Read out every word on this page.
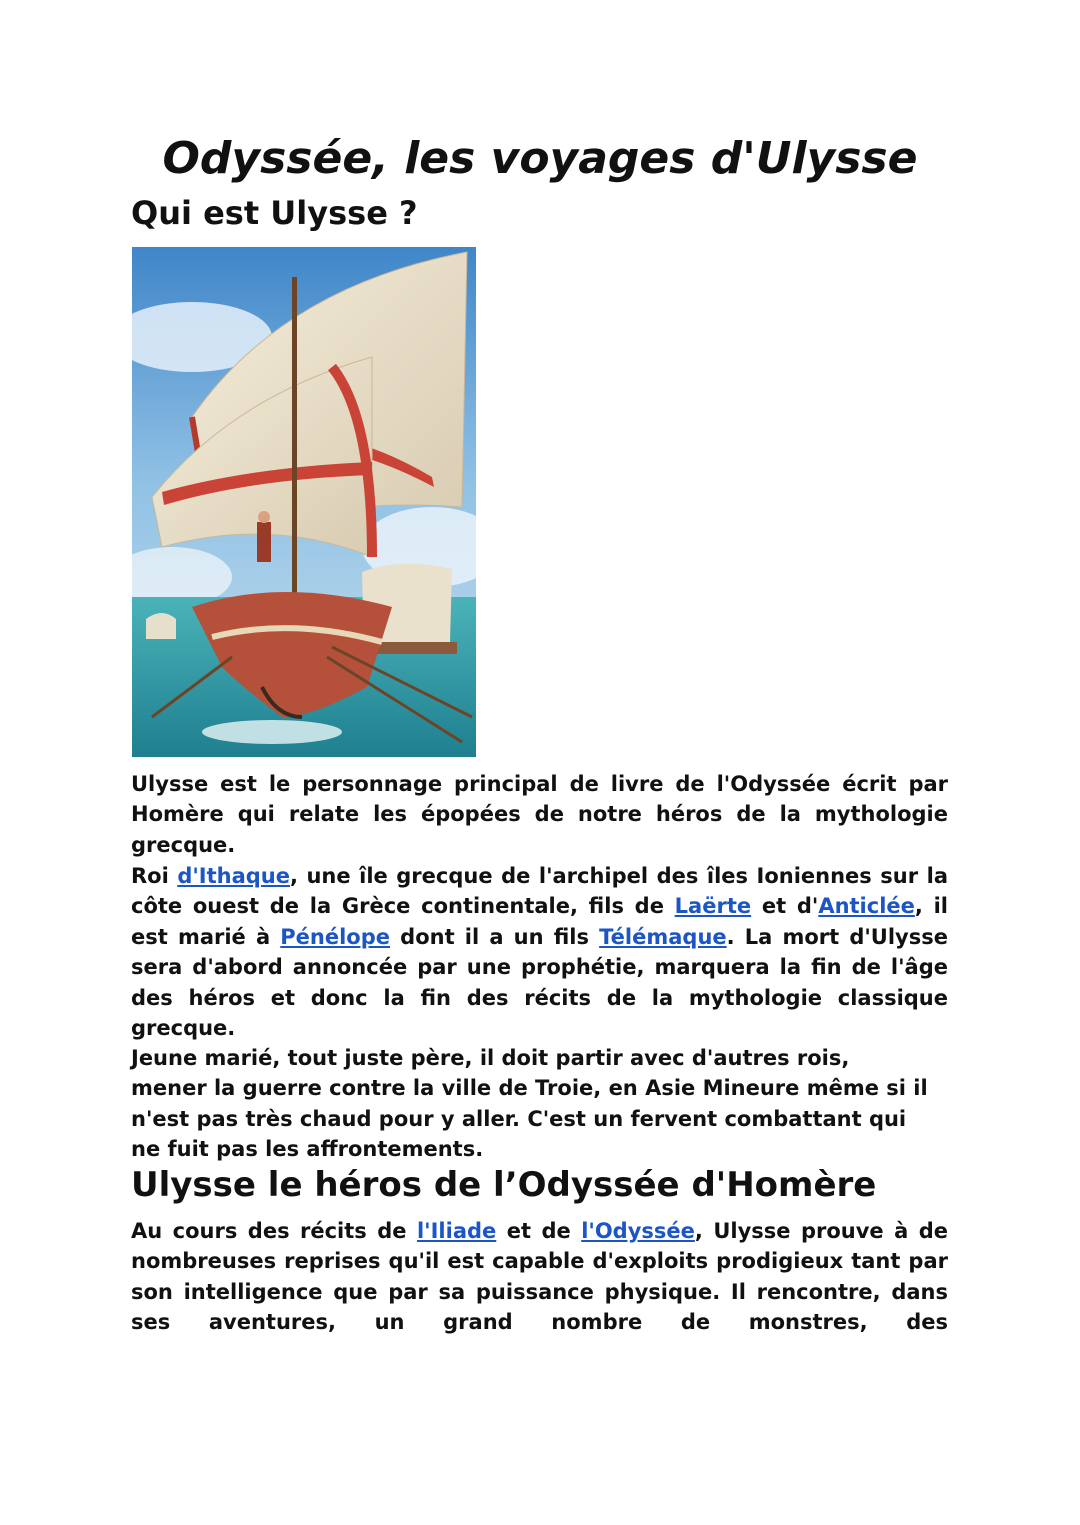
Odyssée, les voyages d'Ulysse
Qui est Ulysse ?

Ulysse est le personnage principal de livre de l'Odyssée écrit par Homère qui relate les épopées de notre héros de la mythologie grecque.

Roi d'Ithaque, une île grecque de l'archipel des îles Ioniennes sur la côte ouest de la Grèce continentale, fils de Laërte et d'Anticlée, il est marié à Pénélope dont il a un fils Télémaque. La mort d'Ulysse sera d'abord annoncée par une prophétie, marquera la fin de l'âge des héros et donc la fin des récits de la mythologie classique grecque.

Jeune marié, tout juste père, il doit partir avec d'autres rois, mener la guerre contre la ville de Troie, en Asie Mineure même si il n'est pas très chaud pour y aller. C'est un fervent combattant qui ne fuit pas les affrontements.

Ulysse le héros de l’Odyssée d'Homère

Au cours des récits de l'Iliade et de l'Odyssée, Ulysse prouve à de nombreuses reprises qu'il est capable d'exploits prodigieux tant par son intelligence que par sa puissance physique. Il rencontre, dans ses aventures, un grand nombre de monstres, des
